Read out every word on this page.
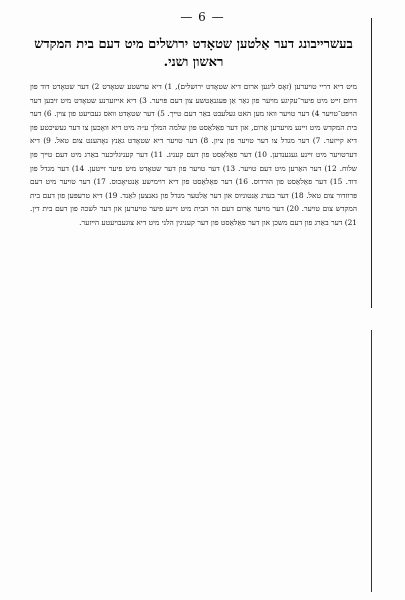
— 6 —
בעשרייבונג דער אַלטען שטאָדט ירושלים מיט דעם בית המקדש ראשון ושני.

מיט דיא דריי טױערען (זאָס ליגען ארום דיא שטאָדט ירושלים), 1) דיא ערשטע שטאָדט 2) דער שטאָדט דוד פון דרום זײט מיט פיער־עקיגע מױער פון גאַר אַן פּעגנאַטשע צון דעם פּױער. 3) דיא אייזערנע שטאָדט מיט זיבען דער הױפּט־טױער 4) דער טױער וואו מען האט געלעבט באַר דעם טײך. 5) דער שטאָדט וואס געבױעט פון צױן. 6) דער בית המקדש מיט זײנע מױערען אַרום, און דער פאַלאַסט פון שלמה המלך ע״ה מיט דיא וואָכען צו דער געשיכטע פון דיא קייזער. 7) דער מגדל צו דער טױער פון ציון. 8) דער טױער דיא שטאָדט גאַנץ נאָהענט צום טאל. 9) דיא דערטױער מיט זײנע געגענדען. 10) דער פאַלאַסט פון דעם קעניג. 11) דער קעניגליכער באַרג מיט דעם טײך פון שלוח. 12) דער האַרען מיט דעם טױער. 13) דער טױער פון דער שטאָדט מיט פיער זײטען. 14) דער מגדל פון דוד. 15) דער פאַלאַסט פון הורדוס. 16) דער פאַלאַסט פון דיא רוימישע אַנטיאָכוס. 17) דער טױער מיט דעם פּרוזדור צום טאל. 18) דער בערג אַנטוניוס און דער אַלטער מגדל פון גאנצען לאַנד. 19) דיא טרעפּען פון דעם בית המקדש צום טױער. 20) דער מויער אַרום דעם הר הבית מיט זײנע פיער טױערען און דער לשכה פון דעם בית דין. 21) דער באַרג פון דעם משכן און דער פאַלאַסט פון דער קעניגין הלני מיט דיא צוגעבױעטע הײזער.
